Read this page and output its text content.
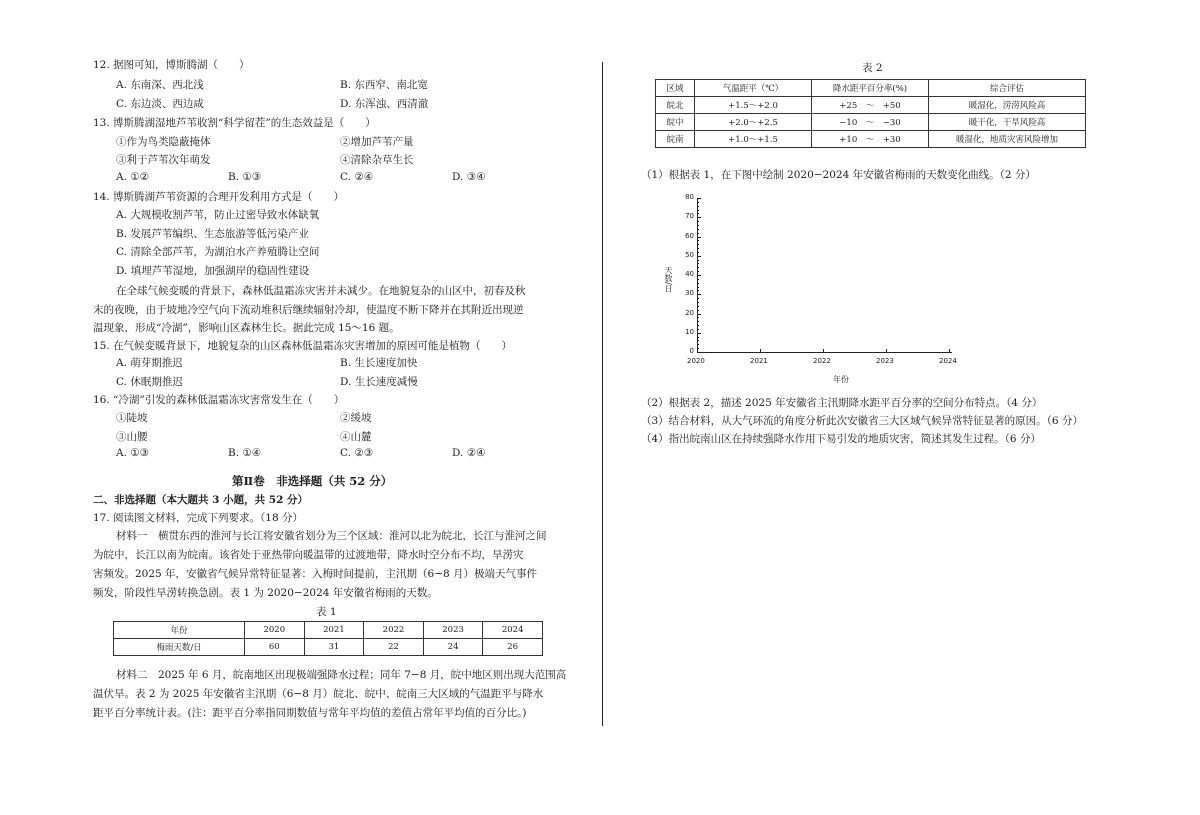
12. 据图可知，博斯腾湖（　　）
A. 东南深、西北浅	B. 东西窄、南北宽
C. 东边淡、西边咸	D. 东浑浊、西清澈
13. 博斯腾湖湿地芦苇收割“科学留茬”的生态效益是（　　）
①作为鸟类隐蔽掩体	②增加芦苇产量
③利于芦苇次年萌发	④清除杂草生长
A. ①②	B. ①③	C. ②④	D. ③④
14. 博斯腾湖芦苇资源的合理开发利用方式是（　　）
A. 大规模收割芦苇，防止过密导致水体缺氧
B. 发展芦苇编织、生态旅游等低污染产业
C. 清除全部芦苇，为湖泊水产养殖腾让空间
D. 填埋芦苇湿地，加强湖岸的稳固性建设
在全球气候变暖的背景下，森林低温霜冻灾害并未减少。在地貌复杂的山区中，初春及秋
末的夜晚，由于坡地冷空气向下流动堆积后继续辐射冷却，使温度不断下降并在其附近出现逆
温现象，形成“冷湖”，影响山区森林生长。据此完成 15～16 题。
15. 在气候变暖背景下，地貌复杂的山区森林低温霜冻灾害增加的原因可能是植物（　　）
A. 萌芽期推迟	B. 生长速度加快
C. 休眠期推迟	D. 生长速度减慢
16. “冷湖”引发的森林低温霜冻灾害常发生在（　　）
①陡坡	②缓坡
③山腰	④山麓
A. ①③	B. ①④	C. ②③	D. ②④
第Ⅱ卷　非选择题（共 52 分）
二、非选择题（本大题共 3 小题，共 52 分）
17. 阅读图文材料，完成下列要求。（18 分）
材料一　横贯东西的淮河与长江将安徽省划分为三个区域：淮河以北为皖北，长江与淮河之间
为皖中，长江以南为皖南。该省处于亚热带向暖温带的过渡地带，降水时空分布不均，旱涝灾
害频发。2025 年，安徽省气候异常特征显著：入梅时间提前，主汛期（6−8 月）极端天气事件
频发，阶段性旱涝转换急剧。表 1 为 2020−2024 年安徽省梅雨的天数。
表 1
年份	2020	2021	2022	2023	2024
梅雨天数/日	60	31	22	24	26
材料二　2025 年 6 月，皖南地区出现极端强降水过程；同年 7−8 月，皖中地区则出现大范围高
温伏旱。表 2 为 2025 年安徽省主汛期（6−8 月）皖北、皖中、皖南三大区域的气温距平与降水
距平百分率统计表。(注：距平百分率指同期数值与常年平均值的差值占常年平均值的百分比。)
表 2
区域	气温距平（℃）	降水距平百分率(%)	综合评估
皖北	+1.5～+2.0	+25　～　+50	暖湿化，涝涝风险高
皖中	+2.0～+2.5	−10　～　−30	暖干化，干旱风险高
皖南	+1.0～+1.5	+10　～　+30	暖湿化，地质灾害风险增加
（1）根据表 1，在下图中绘制 2020−2024 年安徽省梅雨的天数变化曲线。（2 分）
0
10
20
30
40
50
60
70
80
2020	2021	2022	2023	2024
天数/日
年份
（2）根据表 2，描述 2025 年安徽省主汛期降水距平百分率的空间分布特点。（4 分）
（3）结合材料，从大气环流的角度分析此次安徽省三大区域气候异常特征显著的原因。（6 分）
（4）指出皖南山区在持续强降水作用下易引发的地质灾害，简述其发生过程。（6 分）
